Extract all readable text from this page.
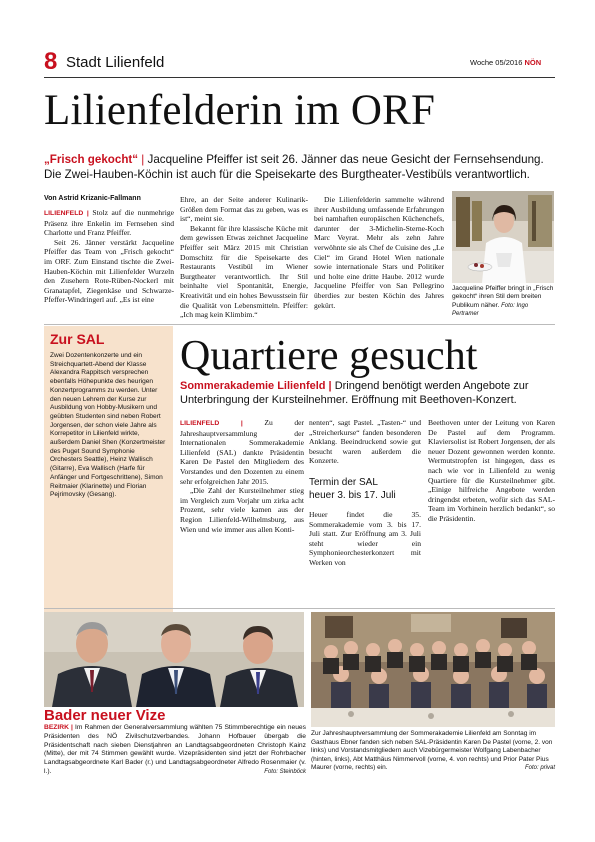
8 Stadt Lilienfeld	Woche 05/2016 NÖN
Lilienfelderin im ORF
„Frisch gekocht“ | Jacqueline Pfeiffer ist seit 26. Jänner das neue Gesicht der Fernsehsendung. Die Zwei-Hauben-Köchin ist auch für die Speisekarte des Burgtheater-Vestibüls verantwortlich.
Von Astrid Krizanic-Fallmann

LILIENFELD | Stolz auf die nunmehrige Präsenz ihre Enkelin im Fernsehen sind Charlotte und Franz Pfeiffer.

Seit 26. Jänner verstärkt Jacqueline Pfeiffer das Team von „Frisch gekocht“ im ORF. Zum Einstand tischte die Zwei-Hauben-Köchin mit Lilienfelder Wurzeln den Zusehern Rote-Rüben-Nockerl mit Granatapfel, Ziegenkäse und Schwarze-Pfeffer-Windringerl auf. „Es ist eine

Ehre, an der Seite anderer Kulinarik-Größen dem Format das zu geben, was es ist“, meint sie.

Bekannt für ihre klassische Küche mit dem gewissen Etwas zeichnet Jacqueline Pfeiffer seit März 2015 mit Christian Domschitz für die Speisekarte des Restaurants Vestibül im Wiener Burgtheater verantwortlich. Ihr Stil beinhalte viel Spontanität, Energie, Kreativität und ein hohes Bewusstsein für die Qualität von Lebensmitteln. Pfeiffer: „Ich mag kein Klimbim.“

Die Lilienfelderin sammelte während ihrer Ausbildung umfassende Erfahrungen bei namhaften europäischen Küchenchefs, darunter der 3-Michelin-Sterne-Koch Marc Veyrat. Mehr als zehn Jahre verwöhnte sie als Chef de Cuisine des „Le Ciel“ im Grand Hotel Wien nationale sowie internationale Stars und Politiker und holte eine dritte Haube. 2012 wurde Jacqueline Pfeiffer von San Pellegrino überdies zur besten Köchin des Jahres gekürt.

Jacqueline Pfeiffer bringt in „Frisch gekocht“ ihren Stil dem breiten Publikum näher. Foto: Ingo Pertramer
Zur SAL
Zwei Dozentenkonzerte und ein Streichquartett-Abend der Klasse Alexandra Rappitsch versprechen ebenfalls Höhepunkte des heurigen Konzertprogramms zu werden. Unter den neuen Lehrern der Kurse zur Ausbildung von Hobby-Musikern und geübten Studenten sind neben Robert Jorgensen, der schon viele Jahre als Korrepetitor in Lilienfeld wirkte, außerdem Daniel Shen (Konzertmeister des Puget Sound Symphonie Orchesters Seattle), Heinz Wallisch (Gitarre), Eva Wallisch (Harfe für Anfänger und Fortgeschrittene), Simon Reitmaier (Klarinette) und Florian Pejrimovsky (Gesang).
Quartiere gesucht
Sommerakademie Lilienfeld | Dringend benötigt werden Angebote zur Unterbringung der Kursteilnehmer. Eröffnung mit Beethoven-Konzert.

LILIENFELD |	Zu der Jahreshauptversammlung der Internationalen Sommerakademie Lilienfeld (SAL) dankte Präsidentin Karen De Pastel den Mitgliedern des Vorstandes und den Dozenten zu einem sehr erfolgreichen Jahr 2015.

„Die Zahl der Kursteilnehmer stieg im Vergleich zum Vorjahr um zirka acht Prozent, sehr viele kamen aus der Region Lilienfeld-Wilhelmsburg, aus Wien und wie immer aus allen Konti-

nenten“, sagt Pastel. „Tasten-“ und „Streicherkurse“ fanden besonderen Anklang. Beeindruckend sowie gut besucht waren außerdem die Konzerte.

Termin der SAL heuer 3. bis 17. Juli

Heuer findet die 35. Sommerakademie vom 3. bis 17. Juli statt. Zur Eröffnung am 3. Juli steht wieder ein Symphonieorchesterkonzert mit Werken von

Beethoven unter der Leitung von Karen De Pastel auf dem Programm. Klaviersolist ist Robert Jorgensen, der als neuer Dozent gewonnen werden konnte. Wermutstropfen ist hingegen, dass es nach wie vor in Lilienfeld zu wenig Quartiere für die Kursteilnehmer gibt. „Einige hilfreiche Angebote werden dringendst erbeten, wofür sich das SAL-Team im Vorhinein herzlich bedankt“, so die Präsidentin.

Bader neuer Vize
BEZIRK | Im Rahmen der Generalversammlung wählten 75 Stimmberechtige ein neues Präsidenten des NÖ Zivilschutzverbandes. Johann Hofbauer übergab die Präsidentschaft nach sieben Dienstjahren an Landtagsabgeordneten Christoph Kainz (Mitte), der mit 74 Stimmen gewählt wurde. Vizepräsidenten sind jetzt der Rohrbacher Landtagsabgeordnete Karl Bader (r.) und Landtagsabgeordneter Alfredo Rosenmaier (v. l.).	Foto: Steinböck
Zur Jahreshauptversammlung der Sommerakademie Lilienfeld am Sonntag im Gasthaus Ebner fanden sich neben SAL-Präsidentin Karen De Pastel (vorne, 2. von links) und Vorstandsmitgliedern auch Vizebürgermeister Wolfgang Labenbacher (hinten, links), Abt Matthäus Nimmervoll (vorne, 4. von rechts) und Prior Pater Pius Maurer (vorne, rechts) ein.	Foto: privat
